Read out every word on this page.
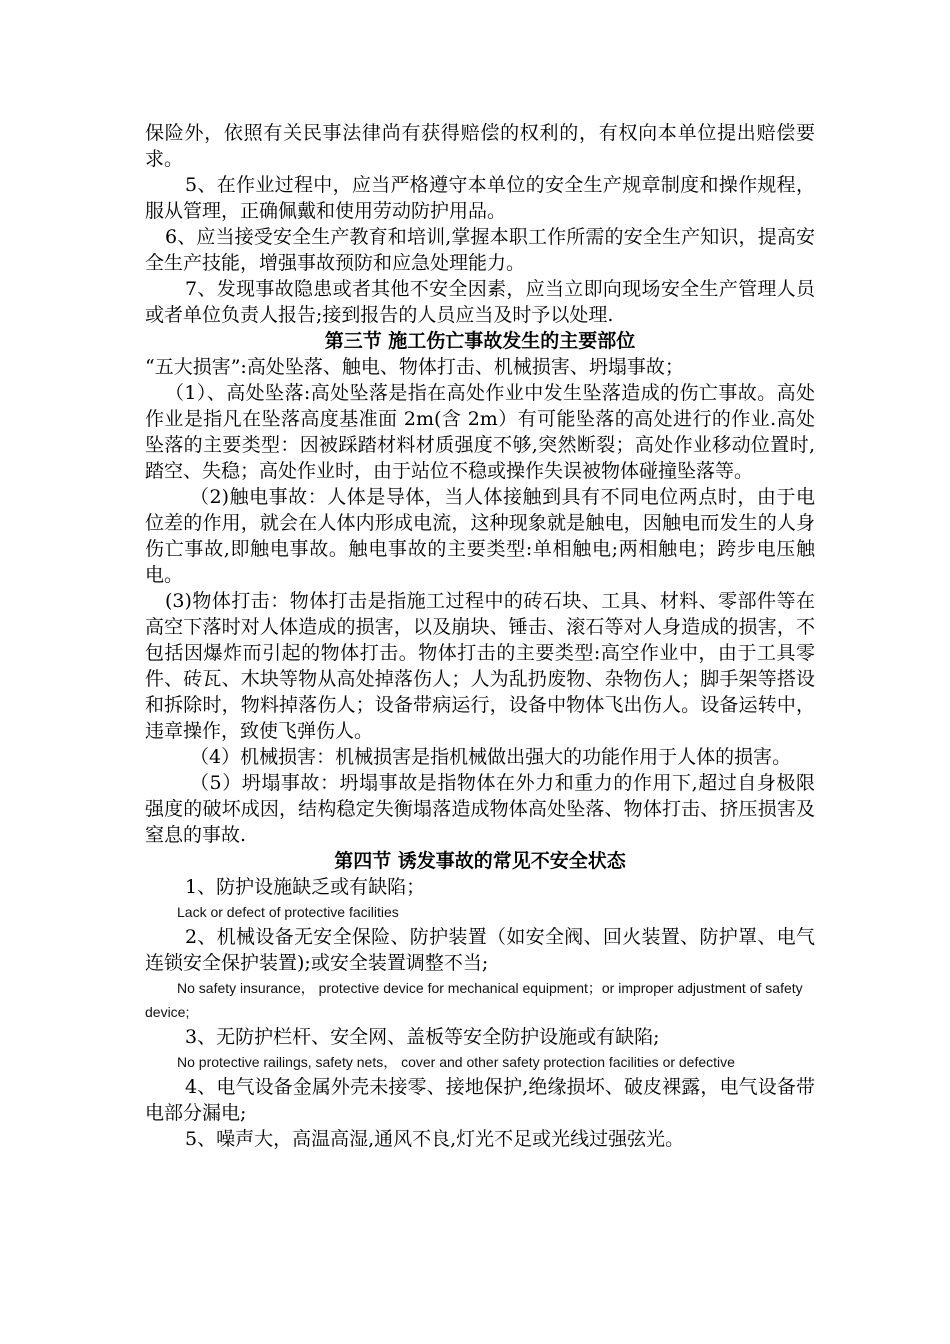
保险外，依照有关民事法律尚有获得赔偿的权利的，有权向本单位提出赔偿要求。

5、在作业过程中，应当严格遵守本单位的安全生产规章制度和操作规程，服从管理，正确佩戴和使用劳动防护用品。

6、应当接受安全生产教育和培训,掌握本职工作所需的安全生产知识，提高安全生产技能，增强事故预防和应急处理能力。

7、发现事故隐患或者其他不安全因素，应当立即向现场安全生产管理人员或者单位负责人报告;接到报告的人员应当及时予以处理.

第三节 施工伤亡事故发生的主要部位

“五大损害”:高处坠落、触电、物体打击、机械损害、坍塌事故；

（1）、高处坠落:高处坠落是指在高处作业中发生坠落造成的伤亡事故。高处作业是指凡在坠落高度基准面 2m(含 2m）有可能坠落的高处进行的作业.高处坠落的主要类型：因被踩踏材料材质强度不够,突然断裂；高处作业移动位置时,踏空、失稳；高处作业时，由于站位不稳或操作失误被物体碰撞坠落等。

（2)触电事故：人体是导体，当人体接触到具有不同电位两点时，由于电位差的作用，就会在人体内形成电流，这种现象就是触电，因触电而发生的人身伤亡事故,即触电事故。触电事故的主要类型:单相触电;两相触电；跨步电压触电。

(3)物体打击：物体打击是指施工过程中的砖石块、工具、材料、零部件等在高空下落时对人体造成的损害，以及崩块、锤击、滚石等对人身造成的损害，不包括因爆炸而引起的物体打击。物体打击的主要类型:高空作业中，由于工具零件、砖瓦、木块等物从高处掉落伤人；人为乱扔废物、杂物伤人；脚手架等搭设和拆除时，物料掉落伤人；设备带病运行，设备中物体飞出伤人。设备运转中，违章操作，致使飞弹伤人。

（4）机械损害：机械损害是指机械做出强大的功能作用于人体的损害。

（5）坍塌事故：坍塌事故是指物体在外力和重力的作用下,超过自身极限强度的破坏成因，结构稳定失衡塌落造成物体高处坠落、物体打击、挤压损害及窒息的事故.

第四节 诱发事故的常见不安全状态

1、防护设施缺乏或有缺陷；

Lack or defect of protective facilities

2、机械设备无安全保险、防护装置（如安全阀、回火装置、防护罩、电气连锁安全保护装置);或安全装置调整不当;

No safety insurance， protective device for mechanical equipment；or improper adjustment of safety device;

3、无防护栏杆、安全网、盖板等安全防护设施或有缺陷;

No protective railings, safety nets， cover and other safety protection facilities or defective

4、电气设备金属外壳未接零、接地保护,绝缘损坏、破皮裸露，电气设备带电部分漏电;

5、噪声大，高温高湿,通风不良,灯光不足或光线过强弦光。
